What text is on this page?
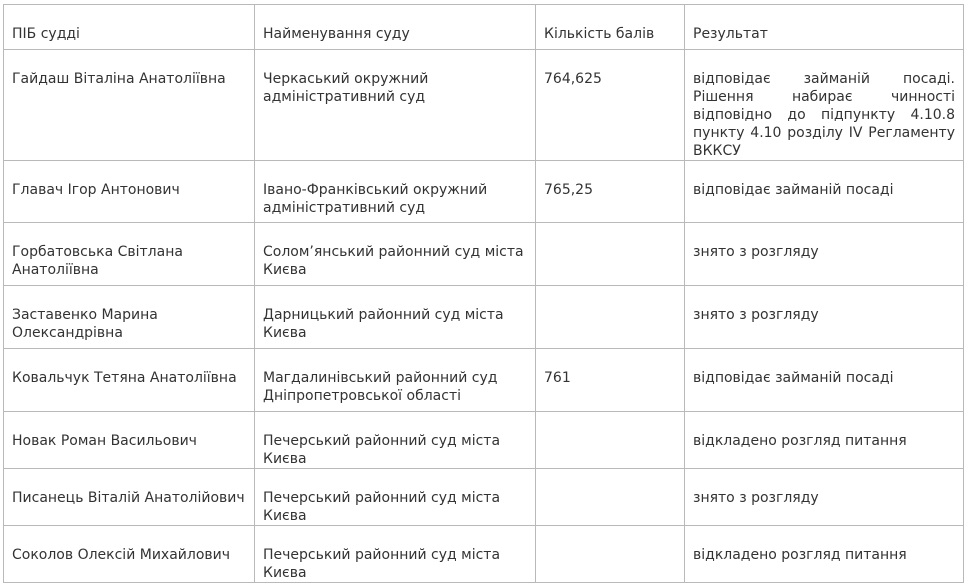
ПІБ судді	Найменування суду	Кількість балів	Результат

Гайдаш Віталіна Анатоліївна	Черкаський окружний адміністративний суд	764,625	відповідає займаній посаді. Рішення набирає чинності відповідно до підпункту 4.10.8 пункту 4.10 розділу IV Регламенту ВККСУ

Главач Ігор Антонович	Івано-Франківський окружний адміністративний суд	765,25	відповідає займаній посаді

Горбатовська Світлана Анатоліївна	Солом’янський районний суд міста Києва		знято з розгляду

Заставенко Марина Олександрівна	Дарницький районний суд міста Києва		знято з розгляду

Ковальчук Тетяна Анатоліївна	Магдалинівський районний суд Дніпропетровської області	761	відповідає займаній посаді

Новак Роман Васильович	Печерський районний суд міста Києва		відкладено розгляд питання

Писанець Віталій Анатолійович	Печерський районний суд міста Києва		знято з розгляду

Соколов Олексій Михайлович	Печерський районний суд міста Києва		відкладено розгляд питання
